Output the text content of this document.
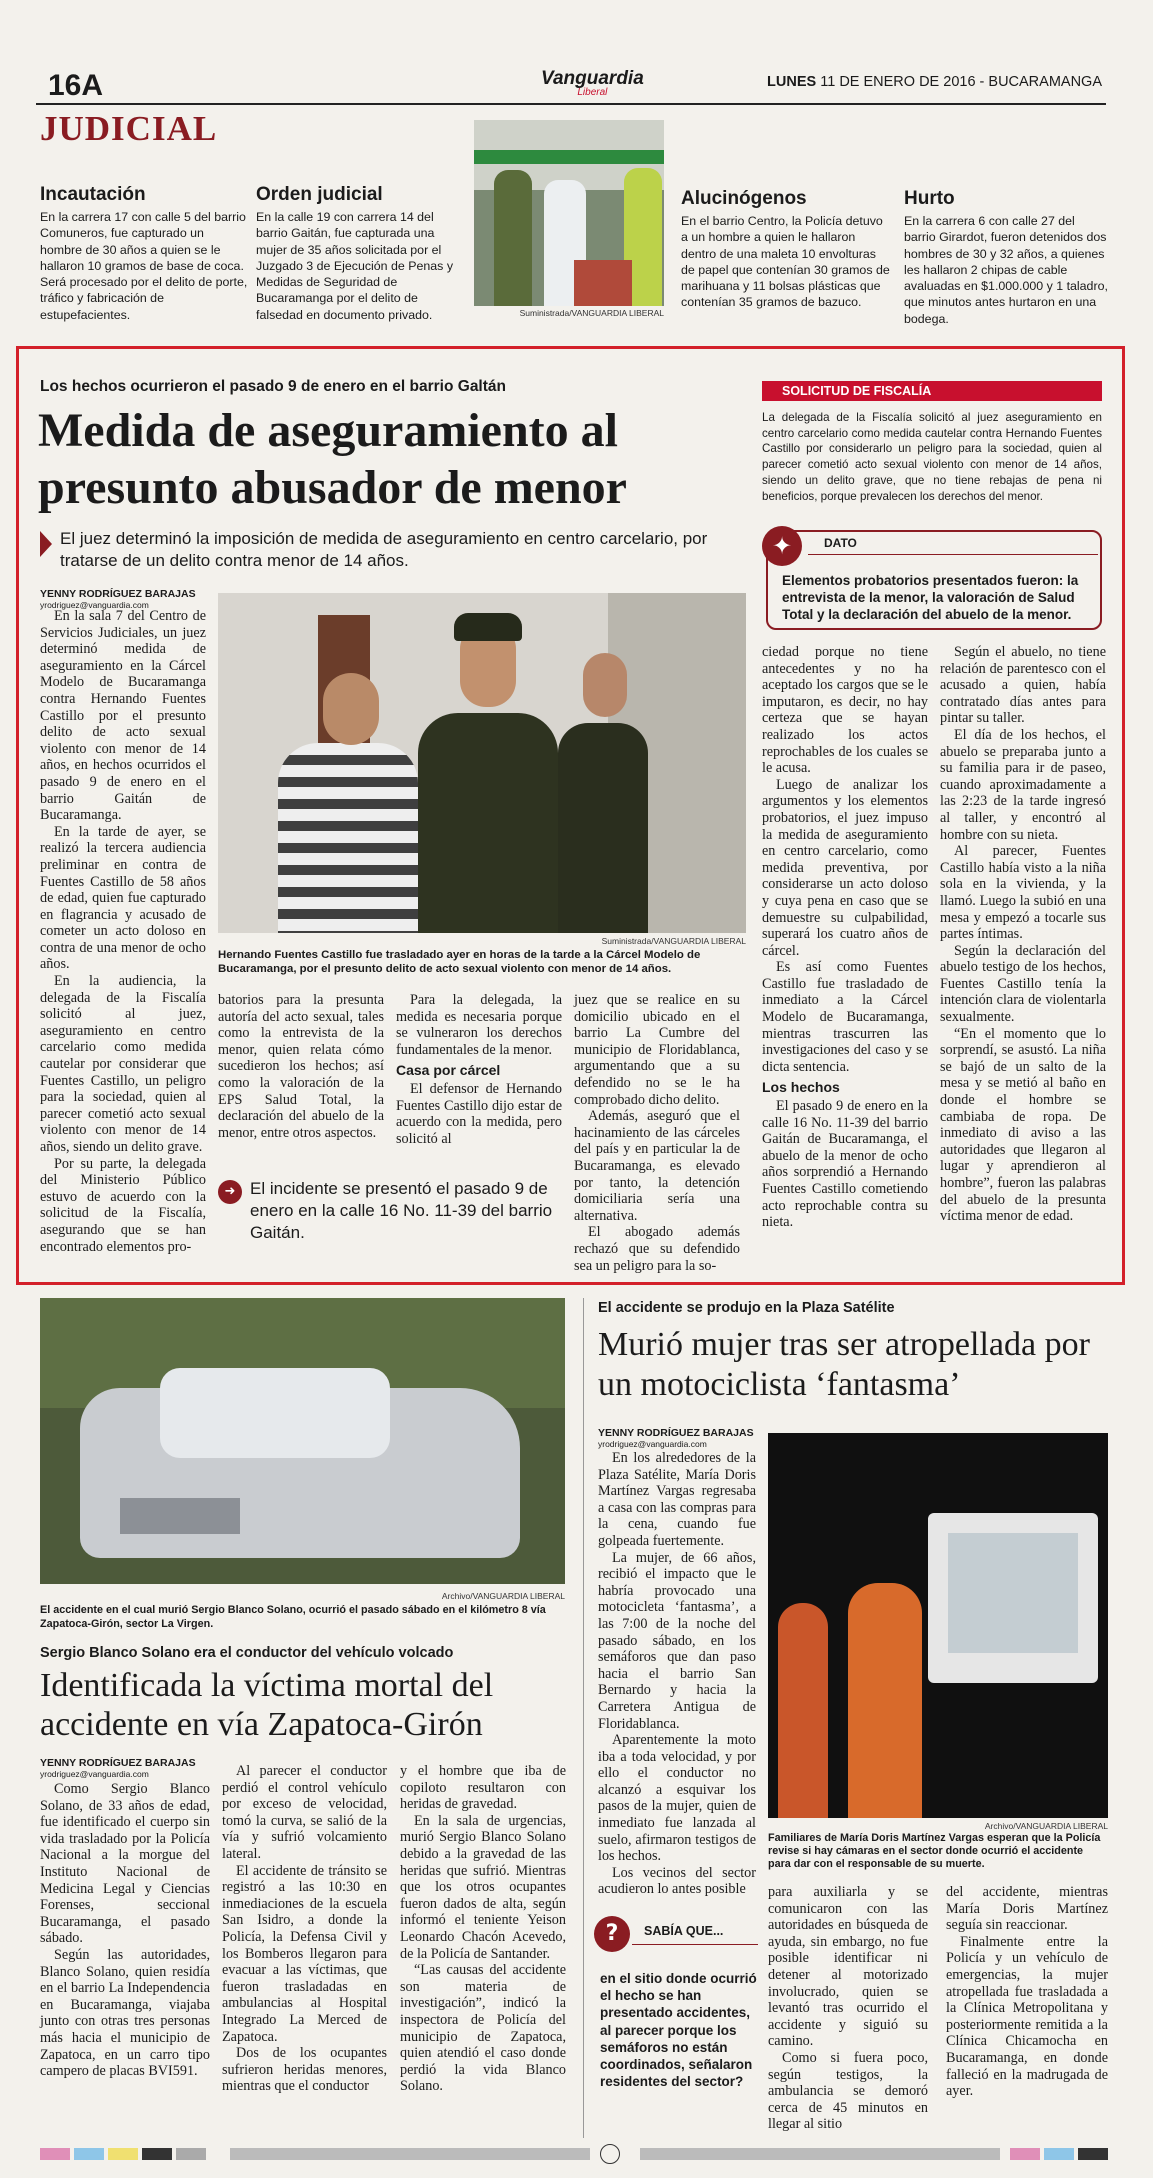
16A	Vanguardia
Liberal
LUNES 11 DE ENERO DE 2016 - BUCARAMANGA
JUDICIAL
Incautación
En la carrera 17 con calle 5 del barrio Comuneros, fue capturado un hombre de 30 años a quien se le hallaron 10 gramos de base de coca. Será procesado por el delito de porte, tráfico y fabricación de estupefacientes.
Orden judicial
En la calle 19 con carrera 14 del barrio Gaitán, fue capturada una mujer de 35 años solicitada por el Juzgado 3 de Ejecución de Penas y Medidas de Seguridad de Bucaramanga por el delito de falsedad en documento privado.	Suministrada/VANGUARDIA LIBERAL
Alucinógenos
En el barrio Centro, la Policía detuvo a un hombre a quien le hallaron dentro de una maleta 10 envolturas de papel que contenían 30 gramos de marihuana y 11 bolsas plásticas que contenían 35 gramos de bazuco.
Hurto
En la carrera 6 con calle 27 del barrio Girardot, fueron detenidos dos hombres de 30 y 32 años, a quienes les hallaron 2 chipas de cable avaluadas en $1.000.000 y 1 taladro, que minutos antes hurtaron en una bodega.
Los hechos ocurrieron el pasado 9 de enero en el barrio Galtán
Medida de aseguramiento al presunto abusador de menor
El juez determinó la imposición de medida de aseguramiento en centro carcelario, por tratarse de un delito contra menor de 14 años.
SOLICITUD DE FISCALÍA
La delegada de la Fiscalía solicitó al juez aseguramiento en centro carcelario como medida cautelar contra Hernando Fuentes Castillo por considerarlo un peligro para la sociedad, quien al parecer cometió acto sexual violento con menor de 14 años, siendo un delito grave, que no tiene rebajas de pena ni beneficios, porque prevalecen los derechos del menor.
✦	DATO
Elementos probatorios presentados fueron: la entrevista de la menor, la valoración de Salud Total y la declaración del abuelo de la menor.
YENNY RODRÍGUEZ BARAJAS
yrodriguez@vanguardia.com
Suministrada/VANGUARDIA LIBERAL
Hernando Fuentes Castillo fue trasladado ayer en horas de la tarde a la Cárcel Modelo de Bucaramanga, por el presunto delito de acto sexual violento con menor de 14 años.

En la sala 7 del Centro de Servicios Judiciales, un juez determinó medida de aseguramiento en la Cárcel Modelo de Bucaramanga contra Hernando Fuentes Castillo por el presunto delito de acto sexual violento con menor de 14 años, en hechos ocurridos el pasado 9 de enero en el barrio Gaitán de Bucaramanga.

En la tarde de ayer, se realizó la tercera audiencia preliminar en contra de Fuentes Castillo de 58 años de edad, quien fue capturado en flagrancia y acusado de cometer un acto doloso en contra de una menor de ocho años.

En la audiencia, la delegada de la Fiscalía solicitó al juez, aseguramiento en centro carcelario como medida cautelar por considerar que Fuentes Castillo, un peligro para la sociedad, quien al parecer cometió acto sexual violento con menor de 14 años, siendo un delito grave.

Por su parte, la delegada del Ministerio Público estuvo de acuerdo con la solicitud de la Fiscalía, asegurando que se han encontrado elementos pro-

batorios para la presunta autoría del acto sexual, tales como la entrevista de la menor, quien relata cómo sucedieron los hechos; así como la valoración de la EPS Salud Total, la declaración del abuelo de la menor, entre otros aspectos.

Para la delegada, la medida es necesaria porque se vulneraron los derechos fundamentales de la menor.

Casa por cárcel

El defensor de Hernando Fuentes Castillo dijo estar de acuerdo con la medida, pero solicitó al

➜ El incidente se presentó el pasado 9 de enero en la calle 16 No. 11-39 del barrio Gaitán.

juez que se realice en su domicilio ubicado en el barrio La Cumbre del municipio de Floridablanca, argumentando que a su defendido no se le ha comprobado dicho delito.

Además, aseguró que el hacinamiento de las cárceles del país y en particular la de Bucaramanga, es elevado por tanto, la detención domiciliaria sería una alternativa.

El abogado además rechazó que su defendido sea un peligro para la so-

ciedad porque no tiene antecedentes y no ha aceptado los cargos que se le imputaron, es decir, no hay certeza que se hayan realizado los actos reprochables de los cuales se le acusa.

Luego de analizar los argumentos y los elementos probatorios, el juez impuso la medida de aseguramiento en centro carcelario, como medida preventiva, por considerarse un acto doloso y cuya pena en caso que se demuestre su culpabilidad, superará los cuatro años de cárcel.

Es así como Fuentes Castillo fue trasladado de inmediato a la Cárcel Modelo de Bucaramanga, mientras trascurren las investigaciones del caso y se dicta sentencia.

Los hechos

El pasado 9 de enero en la calle 16 No. 11-39 del barrio Gaitán de Bucaramanga, el abuelo de la menor de ocho años sorprendió a Hernando Fuentes Castillo cometiendo acto reprochable contra su nieta.

Según el abuelo, no tiene relación de parentesco con el acusado a quien, había contratado días antes para pintar su taller.

El día de los hechos, el abuelo se preparaba junto a su familia para ir de paseo, cuando aproximadamente a las 2:23 de la tarde ingresó al taller, y encontró al hombre con su nieta.

Al parecer, Fuentes Castillo había visto a la niña sola en la vivienda, y la llamó. Luego la subió en una mesa y empezó a tocarle sus partes íntimas.

Según la declaración del abuelo testigo de los hechos, Fuentes Castillo tenía la intención clara de violentarla sexualmente.

“En el momento que lo sorprendí, se asustó. La niña se bajó de un salto de la mesa y se metió al baño en donde el hombre se cambiaba de ropa. De inmediato di aviso a las autoridades que llegaron al lugar y aprendieron al hombre”, fueron las palabras del abuelo de la presunta víctima menor de edad.

Archivo/VANGUARDIA LIBERAL
El accidente en el cual murió Sergio Blanco Solano, ocurrió el pasado sábado en el kilómetro 8 vía Zapatoca-Girón, sector La Virgen.
Sergio Blanco Solano era el conductor del vehículo volcado
Identificada la víctima mortal del accidente en vía Zapatoca-Girón
YENNY RODRÍGUEZ BARAJAS
yrodriguez@vanguardia.com

Como Sergio Blanco Solano, de 33 años de edad, fue identificado el cuerpo sin vida trasladado por la Policía Nacional a la morgue del Instituto Nacional de Medicina Legal y Ciencias Forenses, seccional Bucaramanga, el pasado sábado.

Según las autoridades, Blanco Solano, quien residía en el barrio La Independencia en Bucaramanga, viajaba junto con otras tres personas más hacia el municipio de Zapatoca, en un carro tipo campero de placas BVI591.

Al parecer el conductor perdió el control vehículo por exceso de velocidad, tomó la curva, se salió de la vía y sufrió volcamiento lateral.

El accidente de tránsito se registró a las 10:30 en inmediaciones de la escuela San Isidro, a donde la Policía, la Defensa Civil y los Bomberos llegaron para evacuar a las víctimas, que fueron trasladadas en ambulancias al Hospital Integrado La Merced de Zapatoca.

Dos de los ocupantes sufrieron heridas menores, mientras que el conductor

y el hombre que iba de copiloto resultaron con heridas de gravedad.

En la sala de urgencias, murió Sergio Blanco Solano debido a la gravedad de las heridas que sufrió. Mientras que los otros ocupantes fueron dados de alta, según informó el teniente Yeison Leonardo Chacón Acevedo, de la Policía de Santander.

“Las causas del accidente son materia de investigación”, indicó la inspectora de Policía del municipio de Zapatoca, quien atendió el caso donde perdió la vida Blanco Solano.

El accidente se produjo en la Plaza Satélite
Murió mujer tras ser atropellada por un motociclista ‘fantasma’
YENNY RODRÍGUEZ BARAJAS
yrodriguez@vanguardia.com

En los alrededores de la Plaza Satélite, María Doris Martínez Vargas regresaba a casa con las compras para la cena, cuando fue golpeada fuertemente.

La mujer, de 66 años, recibió el impacto que le habría provocado una motocicleta ‘fantasma’, a las 7:00 de la noche del pasado sábado, en los semáforos que dan paso hacia el barrio San Bernardo y hacia la Carretera Antigua de Floridablanca.

Aparentemente la moto iba a toda velocidad, y por ello el conductor no alcanzó a esquivar los pasos de la mujer, quien de inmediato fue lanzada al suelo, afirmaron testigos de los hechos.

Los vecinos del sector acudieron lo antes posible

Archivo/VANGUARDIA LIBERAL
Familiares de María Doris Martínez Vargas esperan que la Policía revise si hay cámaras en el sector donde ocurrió el accidente para dar con el responsable de su muerte.

para auxiliarla y se comunicaron con las autoridades en búsqueda de ayuda, sin embargo, no fue posible identificar ni detener al motorizado involucrado, quien se levantó tras ocurrido el accidente y siguió su camino.

Como si fuera poco, según testigos, la ambulancia se demoró cerca de 45 minutos en llegar al sitio

del accidente, mientras María Doris Martínez seguía sin reaccionar.

Finalmente entre la Policía y un vehículo de emergencias, la mujer atropellada fue trasladada a la Clínica Metropolitana y posteriormente remitida a la Clínica Chicamocha en Bucaramanga, en donde falleció en la madrugada de ayer.

?	SABÍA QUE...
en el sitio donde ocurrió el hecho se han presentado accidentes, al parecer porque los semáforos no están coordinados, señalaron residentes del sector?
